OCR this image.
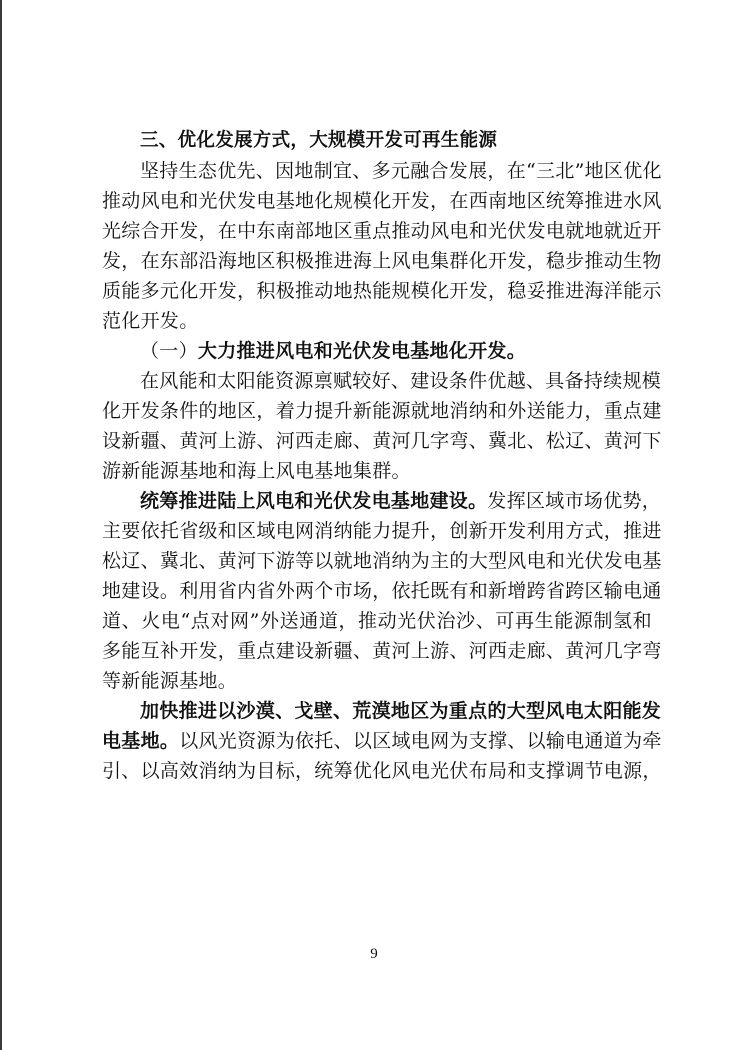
三、优化发展方式，大规模开发可再生能源
坚持生态优先、因地制宜、多元融合发展，在“三北”地区优化
推动风电和光伏发电基地化规模化开发，在西南地区统筹推进水风
光综合开发，在中东南部地区重点推动风电和光伏发电就地就近开
发，在东部沿海地区积极推进海上风电集群化开发，稳步推动生物
质能多元化开发，积极推动地热能规模化开发，稳妥推进海洋能示
范化开发。
（一）大力推进风电和光伏发电基地化开发。
在风能和太阳能资源禀赋较好、建设条件优越、具备持续规模
化开发条件的地区，着力提升新能源就地消纳和外送能力，重点建
设新疆、黄河上游、河西走廊、黄河几字弯、冀北、松辽、黄河下
游新能源基地和海上风电基地集群。
统筹推进陆上风电和光伏发电基地建设。发挥区域市场优势，
主要依托省级和区域电网消纳能力提升，创新开发利用方式，推进
松辽、冀北、黄河下游等以就地消纳为主的大型风电和光伏发电基
地建设。利用省内省外两个市场，依托既有和新增跨省跨区输电通
道、火电“点对网”外送通道，推动光伏治沙、可再生能源制氢和
多能互补开发，重点建设新疆、黄河上游、河西走廊、黄河几字弯
等新能源基地。
加快推进以沙漠、戈壁、荒漠地区为重点的大型风电太阳能发
电基地。以风光资源为依托、以区域电网为支撑、以输电通道为牵
引、以高效消纳为目标，统筹优化风电光伏布局和支撑调节电源，
9
